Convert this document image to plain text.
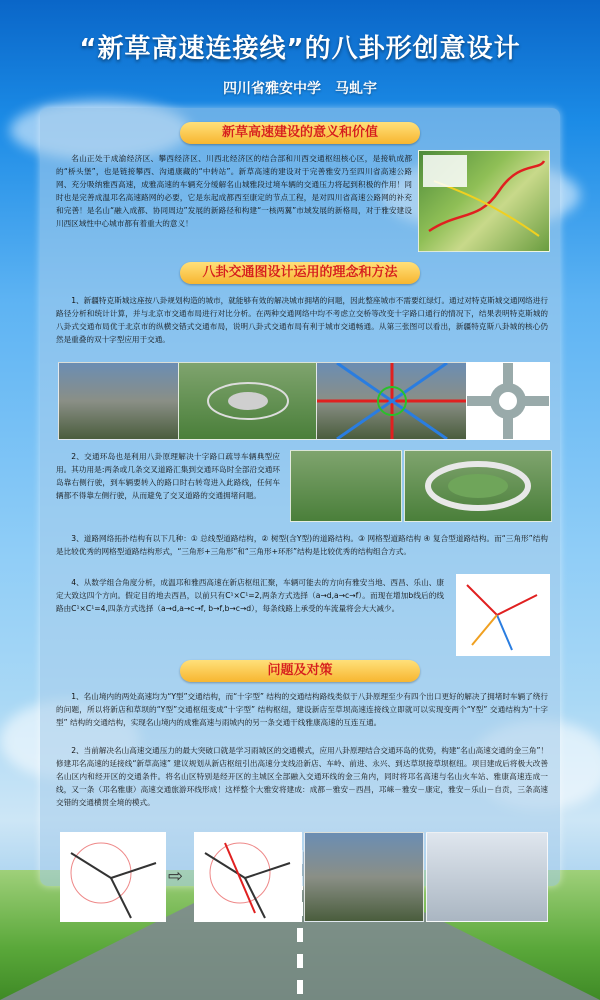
“新草高速连接线”的八卦形创意设计
四川省雅安中学　马虬宇
新草高速建设的意义和价值
名山正处于成渝经济区、攀西经济区、川西北经济区的结合部和川西交通枢纽核心区，是接轨成都的“桥头堡”，也是链接攀西、沟通康藏的“中转站”。新草高速的建设对于完善雅安乃至四川省高速公路网、充分吸纳雅西高速，成雅高速的车辆充分缓解名山城雅段过境车辆的交通压力将起到积极的作用！同时也是完善成温邛名高速路网的必要，它是东起成都西至康定的节点工程，是对四川省高速公路网的补充和完善！是名山“融入成都、协同周边”发展的新路径和构建“一核两翼”市域发展的新格局，对于雅安建设川西区域性中心城市都有着重大的意义！
八卦交通图设计运用的理念和方法
1、新疆特克斯城这座按八卦规划构造的城市，就能够有效的解决城市拥堵的问题，因此整座城市不需要红绿灯。通过对特克斯城交通网络进行路径分析和统计计算，并与北京市交通布局进行对比分析。在两种交通网络中均不考虑立交桥等改变十字路口通行的情况下，结果表明特克斯城的八卦式交通布局优于北京市的纵横交错式交通布局，说明八卦式交通布局有利于城市交通畅通。从第三张图可以看出，新疆特克斯八卦城的核心仍然是重叠的双十字型应用于交通。
2、交通环岛也是利用八卦原理解决十字路口疏导车辆典型应用。其功用是:两条或几条交叉道路汇集到交通环岛时全部沿交通环岛靠右侧行驶，到车辆要转入的路口时右转弯进入此路线，任何车辆都不得靠左侧行驶，从而避免了交叉道路的交通拥堵问题。
3、道路网络拓扑结构有以下几种：① 总线型道路结构，② 树型(含Y型)的道路结构。③ 网格型道路结构 ④ 复合型道路结构。而“三角形”结构是比较优秀的网格型道路结构形式，“三角形+三角形”和“三角形+环形”结构是比较优秀的结构组合方式。
4、从数学组合角度分析，成温邛和雅西高速在新店枢纽汇聚，车辆可能去的方向有雅安当地、西昌、乐山、康定大致这四个方向。假定目的地去西昌，以前只有C¹×C¹=2,两条方式选择（a→d,a→c→f）。而现在增加b线后的线路由C¹×C¹=4,四条方式选择（a→d,a→c→f, b→f,b→c→d），每条线路上承受的车流量将会大大减少。
问题及对策
1、名山境内的两处高速均为“Y型”交通结构，而“十字型” 结构的交通结构路线类似于八卦原理至少有四个出口更好的解决了拥堵时车辆了绕行的问题，所以将新店和草坝的“Y型”交通枢纽变成“十字型” 结构枢纽，建设新店至草坝高速连接线立即就可以实现变两个“Y型” 交通结构为“十字型” 结构的交通结构，实现名山境内的成雅高速与雨城内的另一条交通干线雅康高速的互连互通。
2、当前解决名山高速交通压力的最大突破口就是学习雨城区的交通模式，应用八卦原理结合交通环岛的优势，构建“名山高速交通的金三角”！修建邛名高速的延接线“新草高速” 建议规划从新店枢纽引出高速分支线沿新店、车岭、前进、永兴、到达草坝接草坝枢纽。项目建成后将极大改善名山区内和经开区的交通条件。将名山区特别是经开区的主城区全部融入交通环线的金三角内，同时将邛名高速与名山火车站、雅康高速连成一线，又一条（邛名雅康）高速交通旅游环线形成！这样整个大雅安将建成：成都－雅安－西昌，邛崃－雅安－康定，雅安－乐山－自贡，三条高速交错的交通横贯全境的模式。
⇨
